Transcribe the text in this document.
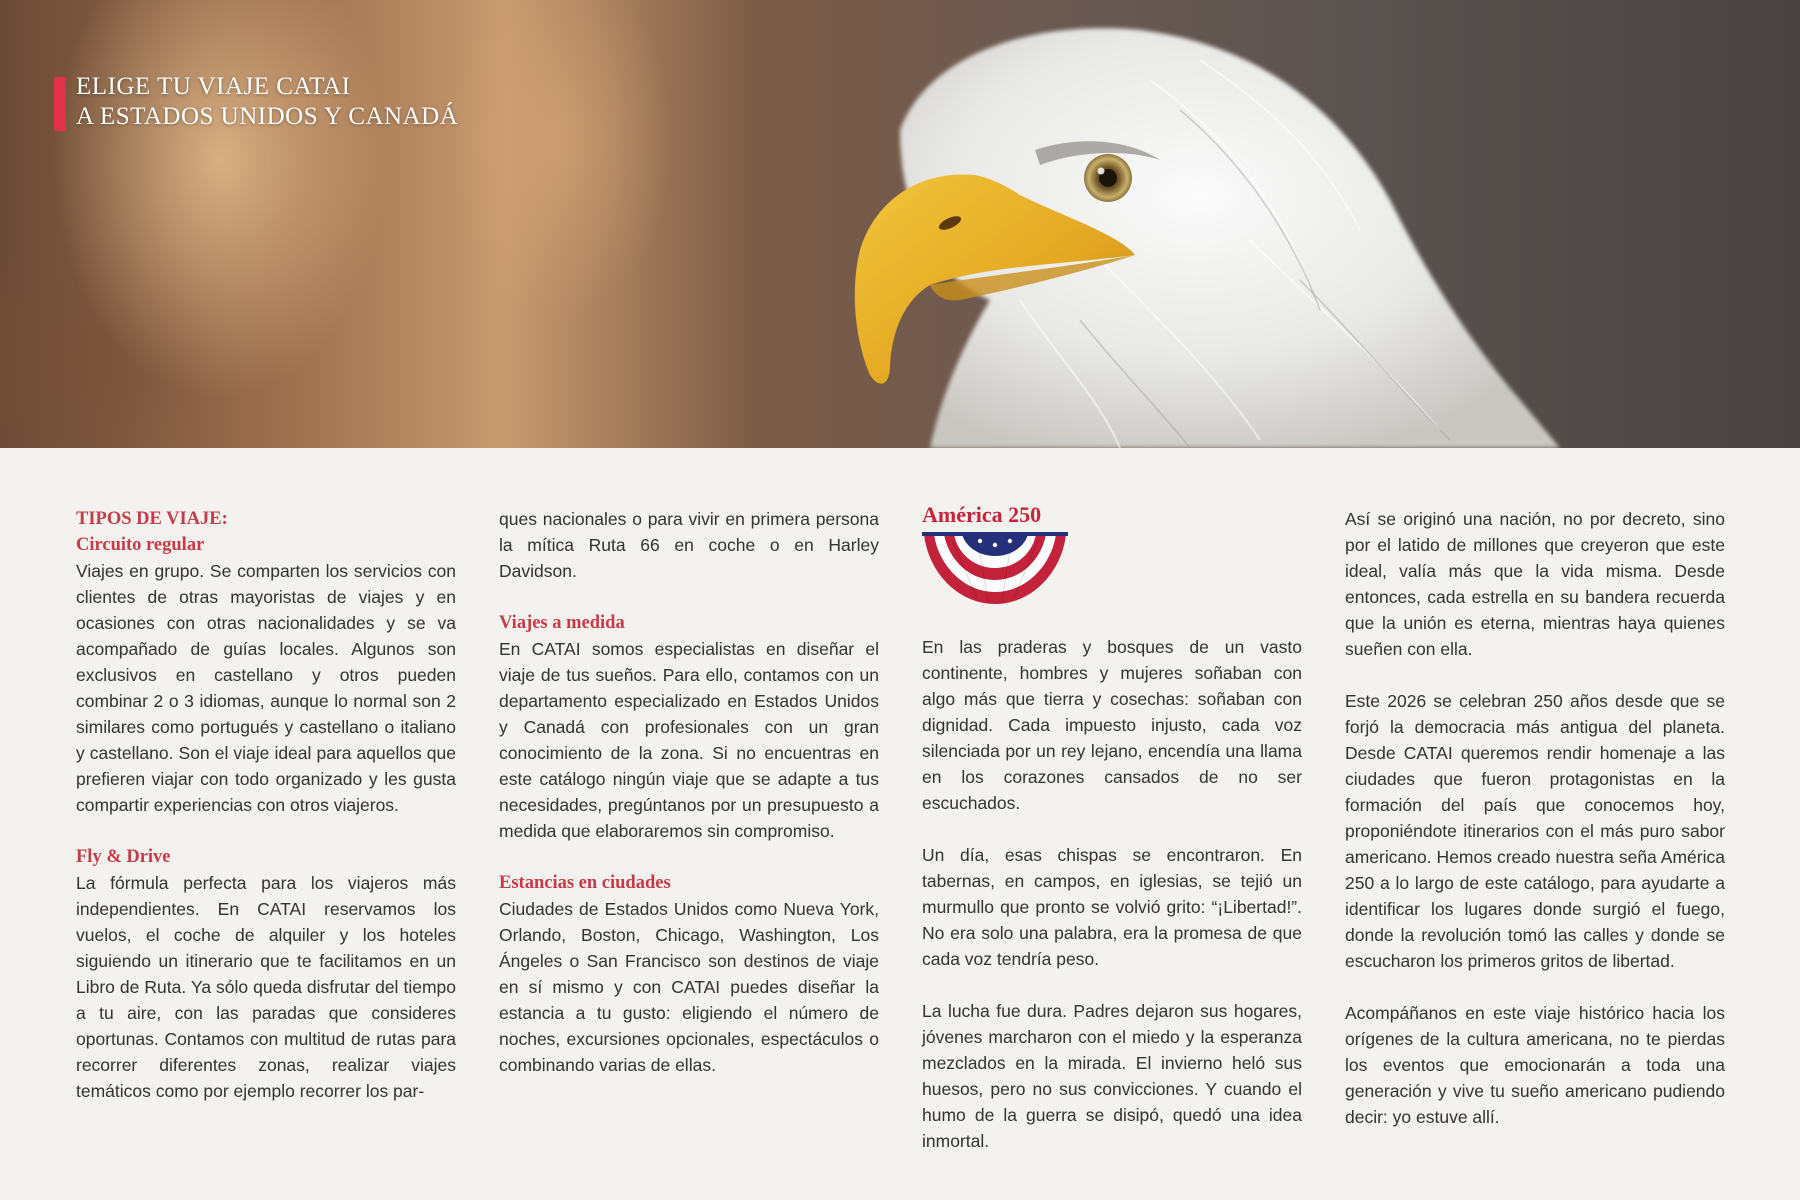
ELIGE TU VIAJE CATAI
A ESTADOS UNIDOS Y CANADÁ
TIPOS DE VIAJE:
Circuito regular

Viajes en grupo. Se comparten los servicios con clientes de otras mayoristas de viajes y en ocasiones con otras nacionalidades y se va acompañado de guías locales. Algunos son exclusivos en castellano y otros pueden combinar 2 o 3 idiomas, aunque lo normal son 2 similares como portugués y castellano o italiano y castellano. Son el viaje ideal para aquellos que prefieren viajar con todo organizado y les gusta compartir experiencias con otros viajeros.

Fly & Drive

La fórmula perfecta para los viajeros más independientes. En CATAI reservamos los vuelos, el coche de alquiler y los hoteles siguiendo un itinerario que te facilitamos en un Libro de Ruta. Ya sólo queda disfrutar del tiempo a tu aire, con las paradas que consideres oportunas. Contamos con multitud de rutas para recorrer diferentes zonas, realizar viajes temáticos como por ejemplo recorrer los par-

ques nacionales o para vivir en primera persona la mítica Ruta 66 en coche o en Harley Davidson.

Viajes a medida

En CATAI somos especialistas en diseñar el viaje de tus sueños. Para ello, contamos con un departamento especializado en Estados Unidos y Canadá con profesionales con un gran conocimiento de la zona. Si no encuentras en este catálogo ningún viaje que se adapte a tus necesidades, pregúntanos por un presupuesto a medida que elaboraremos sin compromiso.

Estancias en ciudades

Ciudades de Estados Unidos como Nueva York, Orlando, Boston, Chicago, Washington, Los Ángeles o San Francisco son destinos de viaje en sí mismo y con CATAI puedes diseñar la estancia a tu gusto: eligiendo el número de noches, excursiones opcionales, espectáculos o combinando varias de ellas.

América 250

En las praderas y bosques de un vasto continente, hombres y mujeres soñaban con algo más que tierra y cosechas: soñaban con dignidad. Cada impuesto injusto, cada voz silenciada por un rey lejano, encendía una llama en los corazones cansados de no ser escuchados.

Un día, esas chispas se encontraron. En tabernas, en campos, en iglesias, se tejió un murmullo que pronto se volvió grito: “¡Libertad!”. No era solo una palabra, era la promesa de que cada voz tendría peso.

La lucha fue dura. Padres dejaron sus hogares, jóvenes marcharon con el miedo y la esperanza mezclados en la mirada. El invierno heló sus huesos, pero no sus convicciones. Y cuando el humo de la guerra se disipó, quedó una idea inmortal.

Así se originó una nación, no por decreto, sino por el latido de millones que creyeron que este ideal, valía más que la vida misma. Desde entonces, cada estrella en su bandera recuerda que la unión es eterna, mientras haya quienes sueñen con ella.

Este 2026 se celebran 250 años desde que se forjó la democracia más antigua del planeta. Desde CATAI queremos rendir homenaje a las ciudades que fueron protagonistas en la formación del país que conocemos hoy, proponiéndote itinerarios con el más puro sabor americano. Hemos creado nuestra seña América 250 a lo largo de este catálogo, para ayudarte a identificar los lugares donde surgió el fuego, donde la revolución tomó las calles y donde se escucharon los primeros gritos de libertad.

Acompáñanos en este viaje histórico hacia los orígenes de la cultura americana, no te pierdas los eventos que emocionarán a toda una generación y vive tu sueño americano pudiendo decir: yo estuve allí.
